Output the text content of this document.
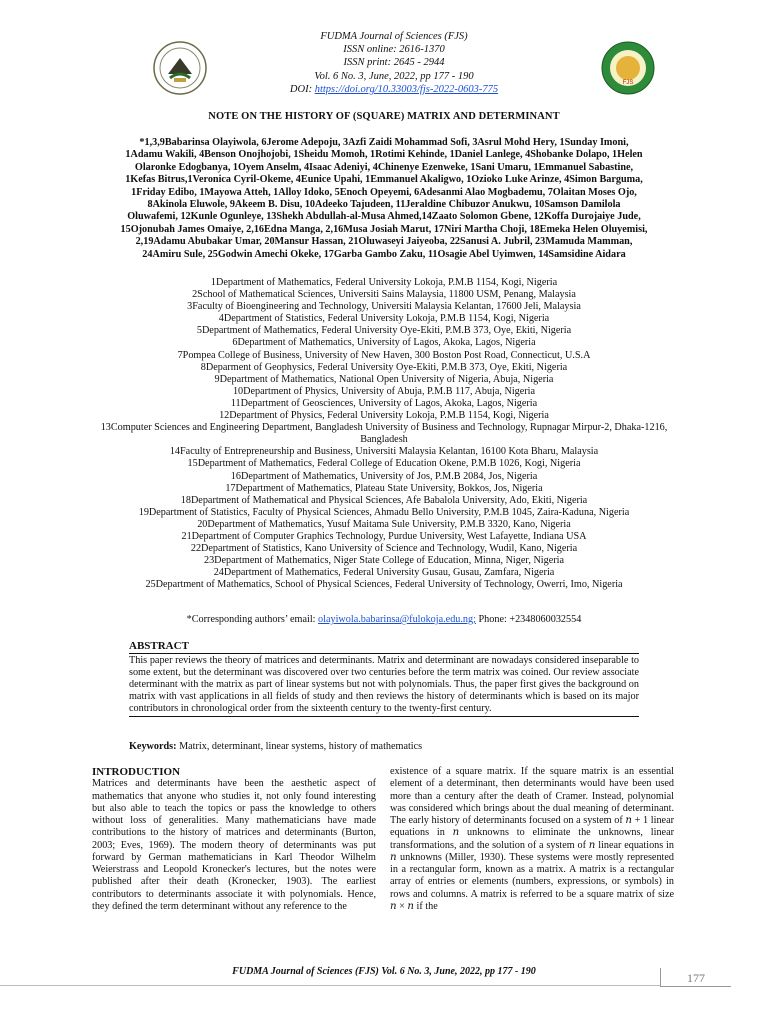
FJS
FUDMA Journal of Sciences (FJS)
ISSN online: 2616-1370
ISSN print: 2645 - 2944
Vol. 6 No. 3, June, 2022, pp 177 - 190
DOI: https://doi.org/10.33003/fjs-2022-0603-775
NOTE ON THE HISTORY OF (SQUARE) MATRIX AND DETERMINANT
*1,3,9Babarinsa Olayiwola, 6Jerome Adepoju, 3Azfi Zaidi Mohammad Sofi, 3Asrul Mohd Hery, 1Sunday Imoni,
1Adamu Wakili, 4Benson Onojhojobi, 1Sheidu Momoh, 1Rotimi Kehinde, 1Daniel Lanlege, 4Shobanke Dolapo, 1Helen
Olaronke Edogbanya, 1Oyem Anselm, 4Isaac Adeniyi, 4Chinenye Ezenweke, 1Sani Umaru, 1Emmanuel Sabastine,
1Kefas Bitrus,1Veronica Cyril-Okeme, 4Eunice Upahi, 1Emmanuel Akaligwo, 1Ozioko Luke Arinze, 4Simon Barguma,
1Friday Edibo, 1Mayowa Atteh, 1Alloy Idoko, 5Enoch Opeyemi, 6Adesanmi Alao Mogbademu, 7Olaitan Moses Ojo,
8Akinola Eluwole, 9Akeem B. Disu, 10Adeeko Tajudeen, 11Jeraldine Chibuzor Anukwu, 10Samson Damilola
Oluwafemi, 12Kunle Ogunleye, 13Shekh Abdullah-al-Musa Ahmed,14Zaato Solomon Gbene, 12Koffa Durojaiye Jude,
15Ojonubah James Omaiye, 2,16Edna Manga, 2,16Musa Josiah Marut, 17Niri Martha Choji, 18Emeka Helen Oluyemisi,
2,19Adamu Abubakar Umar, 20Mansur Hassan, 21Oluwaseyi Jaiyeoba, 22Sanusi A. Jubril, 23Mamuda Mamman,
24Amiru Sule, 25Godwin Amechi Okeke, 17Garba Gambo Zaku, 11Osagie Abel Uyimwen, 14Samsidine Aidara
1Department of Mathematics, Federal University Lokoja, P.M.B 1154, Kogi, Nigeria
2School of Mathematical Sciences, Universiti Sains Malaysia, 11800 USM, Penang, Malaysia
3Faculty of Bioengineering and Technology, Universiti Malaysia Kelantan, 17600 Jeli, Malaysia
4Department of Statistics, Federal University Lokoja, P.M.B 1154, Kogi, Nigeria
5Department of Mathematics, Federal University Oye-Ekiti, P.M.B 373, Oye, Ekiti, Nigeria
6Department of Mathematics, University of Lagos, Akoka, Lagos, Nigeria
7Pompea College of Business, University of New Haven, 300 Boston Post Road, Connecticut, U.S.A
8Deparment of Geophysics, Federal University Oye-Ekiti, P.M.B 373, Oye, Ekiti, Nigeria
9Department of Mathematics, National Open University of Nigeria, Abuja, Nigeria
10Department of Physics, University of Abuja, P.M.B 117, Abuja, Nigeria
11Department of Geosciences, University of Lagos, Akoka, Lagos, Nigeria
12Department of Physics, Federal University Lokoja, P.M.B 1154, Kogi, Nigeria
13Computer Sciences and Engineering Department, Bangladesh University of Business and Technology, Rupnagar Mirpur-2, Dhaka-1216, Bangladesh
14Faculty of Entrepreneurship and Business, Universiti Malaysia Kelantan, 16100 Kota Bharu, Malaysia
15Department of Mathematics, Federal College of Education Okene, P.M.B 1026, Kogi, Nigeria
16Department of Mathematics, University of Jos, P.M.B 2084, Jos, Nigeria
17Department of Mathematics, Plateau State University, Bokkos, Jos, Nigeria
18Department of Mathematical and Physical Sciences, Afe Babalola University, Ado, Ekiti, Nigeria
19Department of Statistics, Faculty of Physical Sciences, Ahmadu Bello University, P.M.B 1045, Zaira-Kaduna, Nigeria
20Department of Mathematics, Yusuf Maitama Sule University, P.M.B 3320, Kano, Nigeria
21Department of Computer Graphics Technology, Purdue University, West Lafayette, Indiana USA
22Department of Statistics, Kano University of Science and Technology, Wudil, Kano, Nigeria
23Department of Mathematics, Niger State College of Education, Minna, Niger, Nigeria
24Department of Mathematics, Federal University Gusau, Gusau, Zamfara, Nigeria
25Department of Mathematics, School of Physical Sciences, Federal University of Technology, Owerri, Imo, Nigeria
*Corresponding authors’ email: olayiwola.babarinsa@fulokoja.edu.ng; Phone: +2348060032554
ABSTRACT
This paper reviews the theory of matrices and determinants. Matrix and determinant are nowadays considered inseparable to some extent, but the determinant was discovered over two centuries before the term matrix was coined. Our review associate determinant with the matrix as part of linear systems but not with polynomials. Thus, the paper first gives the background on matrix with vast applications in all fields of study and then reviews the history of determinants which is based on its major contributors in chronological order from the sixteenth century to the twenty-first century.
Keywords: Matrix, determinant, linear systems, history of mathematics
INTRODUCTION
Matrices and determinants have been the aesthetic aspect of mathematics that anyone who studies it, not only found interesting but also able to teach the topics or pass the knowledge to others without loss of generalities. Many mathematicians have made contributions to the history of matrices and determinants (Burton, 2003; Eves, 1969). The modern theory of determinants was put forward by German mathematicians in Karl Theodor Wilhelm Weierstrass and Leopold Kronecker's lectures, but the notes were published after their death (Kronecker, 1903). The earliest contributors to determinants associate it with polynomials. Hence, they defined the term determinant without any reference to the
existence of a square matrix. If the square matrix is an essential element of a determinant, then determinants would have been used more than a century after the death of Cramer. Instead, polynomial was considered which brings about the dual meaning of determinant. The early history of determinants focused on a system of 𝑛 + 1 linear equations in 𝑛 unknowns to eliminate the unknowns, linear transformations, and the solution of a system of 𝑛 linear equations in 𝑛 unknowns (Miller, 1930). These systems were mostly represented in a rectangular form, known as a matrix. A matrix is a rectangular array of entries or elements (numbers, expressions, or symbols) in rows and columns. A matrix is referred to be a square matrix of size 𝑛 × 𝑛 if the
FUDMA Journal of Sciences (FJS) Vol. 6 No. 3, June, 2022, pp 177 - 190	177
